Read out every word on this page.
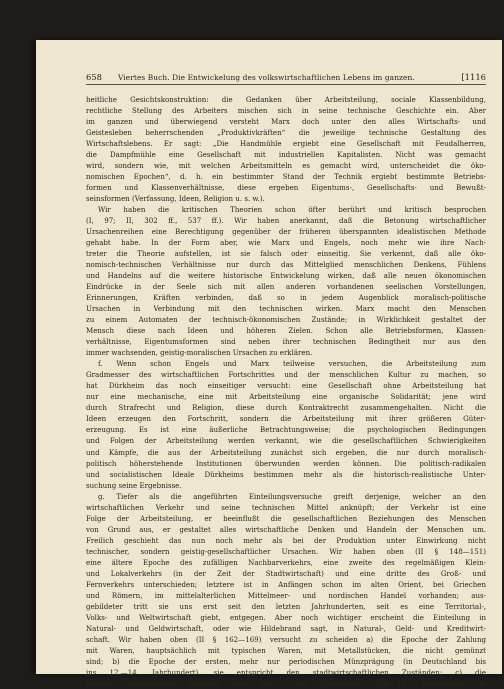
658 Viertes Buch. Die Entwickelung des volkswirtschaftlichen Lebens im ganzen.	[1116
heitliche Gesichtskonstruktion: die Gedanken über Arbeitsteilung, sociale Klassenbildung,
rechtliche Stellung des Arbeiters mischen sich in seine technische Geschichte ein. Aber
im ganzen und überwiegend versteht Marx doch unter den alles Wirtschafts- und
Geistesleben beherrschenden „Produktivkräften“ die jeweilige technische Gestaltung des
Wirtschaftslebens. Er sagt: „Die Handmühle ergiebt eine Gesellschaft mit Feudalherren,
die Dampfmühle eine Gesellschaft mit industriellen Kapitalisten. Nicht was gemacht
wird, sondern wie, mit welchen Arbeitsmitteln es gemacht wird, unterscheidet die öko-
nomischen Epochen“, d. h. ein bestimmter Stand der Technik ergiebt bestimmte Betriebs-
formen und Klassenverhältnisse, diese ergeben Eigentums-, Gesellschafts- und Bewußt-
seinsformen (Verfassung, Ideen, Religion u. s. w.).
Wir haben die kritischen Theorien schon öfter berührt und kritisch besprochen
(I, 97; II, 302 ff., 537 ff.). Wir haben anerkannt, daß die Betonung wirtschaftlicher
Ursachenreihen eine Berechtigung gegenüber der früheren überspannten idealistischen Methode
gehabt habe. In der Form aber, wie Marx und Engels, noch mehr wie ihre Nach-
treter die Theorie aufstellen, ist sie falsch oder einseitig. Sie verkennt, daß alle öko-
nomisch-technischen Verhältnisse nur durch das Mittelglied menschlichen Denkens, Fühlens
und Handelns auf die weitere historische Entwickelung wirken, daß alle neuen ökonomischen
Eindrücke in der Seele sich mit allen anderen vorhandenen seelischen Vorstellungen,
Erinnerungen, Kräften verbinden, daß so in jedem Augenblick moralisch-politische
Ursachen in Verbindung mit den technischen wirken. Marx macht den Menschen
zu einem Automaten der technisch-ökonomischen Zustände; in Wirklichkeit gestaltet der
Mensch diese nach Ideen und höheren Zielen. Schon alle Betriebsformen, Klassen-
verhältnisse, Eigentumsformen sind neben ihrer technischen Bedingtheit nur aus den
immer wachsenden, geistig-moralischen Ursachen zu erklären.
f. Wenn schon Engels und Marx teilweise versuchen, die Arbeitsteilung zum
Gradmesser des wirtschaftlichen Fortschrittes und der menschlichen Kultur zu machen, so
hat Dürkheim das noch einseitiger versucht: eine Gesellschaft ohne Arbeitsteilung hat
nur eine mechanische, eine mit Arbeitsteilung eine organische Solidarität; jene wird
durch Strafrecht und Religion, diese durch Kontraktrecht zusammengehalten. Nicht die
Ideen erzeugen den Fortschritt, sondern die Arbeitsteilung mit ihrer größeren Güter-
erzeugung. Es ist eine äußerliche Betrachtungsweise; die psychologischen Bedingungen
und Folgen der Arbeitsteilung werden verkannt, wie die gesellschaftlichen Schwierigkeiten
und Kämpfe, die aus der Arbeitsteilung zunächst sich ergeben, die nur durch moralisch-
politisch höherstehende Institutionen überwunden werden können. Die politisch-radikalen
und socialistischen Ideale Dürkheims bestimmen mehr als die historisch-realistische Unter-
suchung seine Ergebnisse.
g. Tiefer als die angeführten Einteilungsversuche greift derjenige, welcher an den
wirtschaftlichen Verkehr und seine technischen Mittel anknüpft; der Verkehr ist eine
Folge der Arbeitsteilung, er beeinflußt die gesellschaftlichen Beziehungen des Menschen
von Grund aus, er gestaltet alles wirtschaftliche Denken und Handeln der Menschen um.
Freilich geschieht das nun noch mehr als bei der Produktion unter Einwirkung nicht
technischer, sondern geistig-gesellschaftlicher Ursachen. Wir haben oben (II § 148—151)
eine ältere Epoche des zufälligen Nachbarverkehrs, eine zweite des regelmäßigen Klein-
und Lokalverkehrs (in der Zeit der Stadtwirtschaft) und eine dritte des Groß- und
Fernverkehrs unterschieden; letztere ist in Anfängen schon im alten Orient, bei Griechen
und Römern, im mittelalterlichen Mittelmeer- und nordischen Handel vorhanden; aus-
gebildeter tritt sie uns erst seit den letzten Jahrhunderten, seit es eine Territorial-,
Volks- und Weltwirtschaft giebt, entgegen. Aber noch wichtiger erscheint die Einteilung in
Natural- und Geldwirtschaft, oder wie Hildebrand sagt, in Natural-, Geld- und Kreditwirt-
schaft. Wir haben oben (II § 162—169) versucht zu scheiden a) die Epoche der Zahlung
mit Waren, hauptsächlich mit typischen Waren, mit Metallstücken, die nicht gemünzt
sind; b) die Epoche der ersten, mehr nur periodischen Münzprägung (in Deutschland bis
ins 12.—14. Jahrhundert), sie entspricht den stadtwirtschaftlichen Zuständen; c) die
Epoche regelmäßiger Prägung von Groß- und Kleinmünze (14.—18. Jahrhundert in
